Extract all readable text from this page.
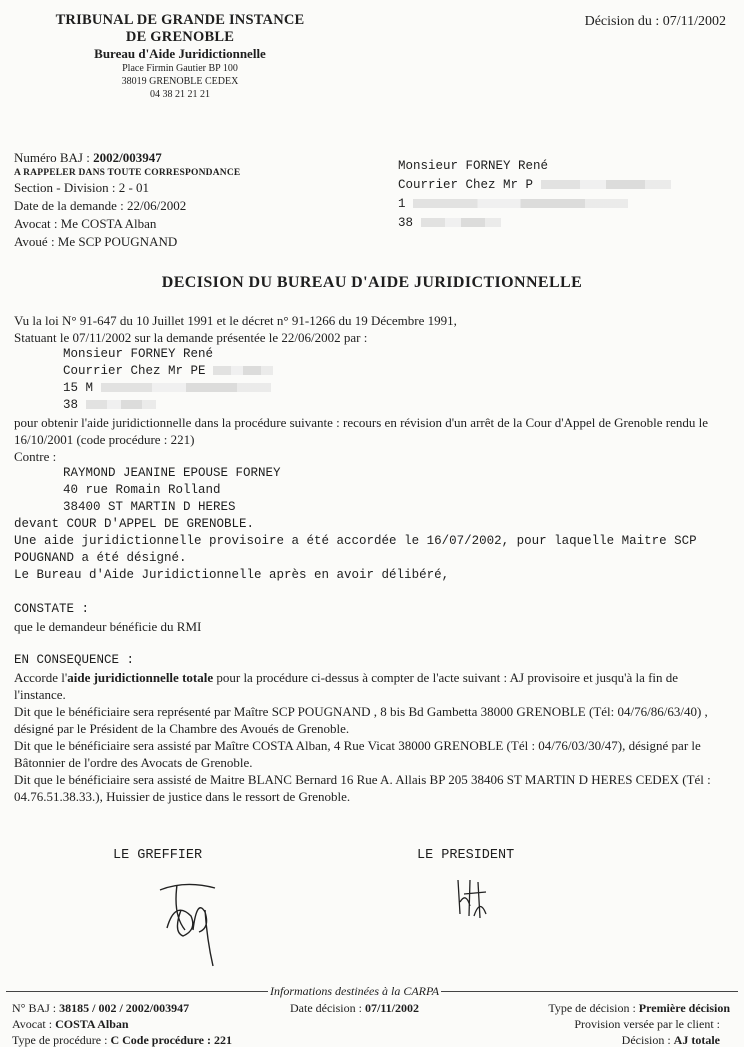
TRIBUNAL DE GRANDE INSTANCE
DE GRENOBLE
Bureau d'Aide Juridictionnelle
Place Firmin Gautier BP 100
38019 GRENOBLE CEDEX
04 38 21 21 21
Décision du : 07/11/2002
Numéro BAJ : 2002/003947
A RAPPELER DANS TOUTE CORRESPONDANCE
Section - Division : 2 - 01
Date de la demande : 22/06/2002
Avocat : Me COSTA Alban
Avoué : Me SCP POUGNAND
Monsieur FORNEY René
Courrier Chez Mr P
1
38
DECISION DU BUREAU D'AIDE JURIDICTIONNELLE

Vu la loi N° 91-647 du 10 Juillet 1991 et le décret n° 91-1266 du 19 Décembre 1991,

Statuant le 07/11/2002 sur la demande présentée le 22/06/2002 par :

Monsieur FORNEY René
Courrier Chez Mr PE
15 M
38

pour obtenir l'aide juridictionnelle dans la procédure suivante : recours en révision d'un arrêt de la Cour d'Appel de Grenoble rendu le 16/10/2001 (code procédure : 221)

Contre :

RAYMOND JEANINE EPOUSE FORNEY
40 rue Romain Rolland
38400 ST MARTIN D HERES

devant COUR D'APPEL DE GRENOBLE.

Une aide juridictionnelle provisoire a été accordée le 16/07/2002, pour laquelle Maitre SCP POUGNAND a été désigné.

Le Bureau d'Aide Juridictionnelle après en avoir délibéré,

CONSTATE :

que le demandeur bénéficie du RMI

EN CONSEQUENCE :

Accorde l'aide juridictionnelle totale pour la procédure ci-dessus à compter de l'acte suivant : AJ provisoire et jusqu'à la fin de l'instance.

Dit que le bénéficiaire sera représenté par Maître SCP POUGNAND , 8 bis Bd Gambetta 38000 GRENOBLE (Tél: 04/76/86/63/40) , désigné par le Président de la Chambre des Avoués de Grenoble.

Dit que le bénéficiaire sera assisté par Maître COSTA Alban, 4 Rue Vicat 38000 GRENOBLE (Tél : 04/76/03/30/47), désigné par le Bâtonnier de l'ordre des Avocats de Grenoble.

Dit que le bénéficiaire sera assisté de Maitre BLANC Bernard 16 Rue A. Allais BP 205 38406 ST MARTIN D HERES CEDEX (Tél : 04.76.51.38.33.), Huissier de justice dans le ressort de Grenoble.

LE GREFFIER	LE PRESIDENT
Informations destinées à la CARPA
N° BAJ : 38185 / 002 / 2002/003947	Date décision : 07/11/2002	Type de décision : Première décision
Avocat : COSTA Alban	Provision versée par le client :
Type de procédure : C Code procédure : 221	Décision : AJ totale
